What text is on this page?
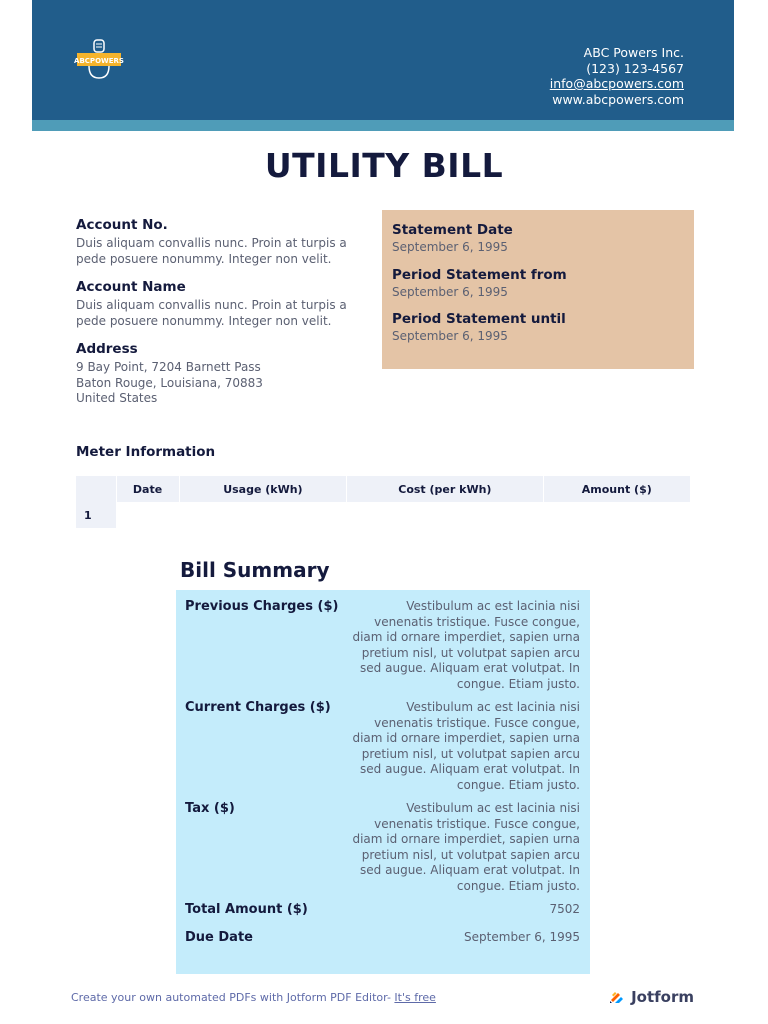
ABCPOWERS
ABC Powers Inc.
(123) 123-4567
info@abcpowers.com
www.abcpowers.com
UTILITY BILL
Account No.
Duis aliquam convallis nunc. Proin at turpis a pede posuere nonummy. Integer non velit.
Account Name
Duis aliquam convallis nunc. Proin at turpis a pede posuere nonummy. Integer non velit.
Address
9 Bay Point, 7204 Barnett Pass
Baton Rouge, Louisiana, 70883
United States
Statement Date
September 6, 1995
Period Statement from
September 6, 1995
Period Statement until
September 6, 1995
Meter Information
	Date	Usage (kWh)	Cost (per kWh)	Amount ($)
1				
Bill Summary
Previous Charges ($)	Vestibulum ac est lacinia nisi venenatis tristique. Fusce congue, diam id ornare imperdiet, sapien urna pretium nisl, ut volutpat sapien arcu sed augue. Aliquam erat volutpat. In congue. Etiam justo.
Current Charges ($)	Vestibulum ac est lacinia nisi venenatis tristique. Fusce congue, diam id ornare imperdiet, sapien urna pretium nisl, ut volutpat sapien arcu sed augue. Aliquam erat volutpat. In congue. Etiam justo.
Tax ($)	Vestibulum ac est lacinia nisi venenatis tristique. Fusce congue, diam id ornare imperdiet, sapien urna pretium nisl, ut volutpat sapien arcu sed augue. Aliquam erat volutpat. In congue. Etiam justo.
Total Amount ($)	7502
Due Date	September 6, 1995
Create your own automated PDFs with Jotform PDF Editor- It's free	Jotform
